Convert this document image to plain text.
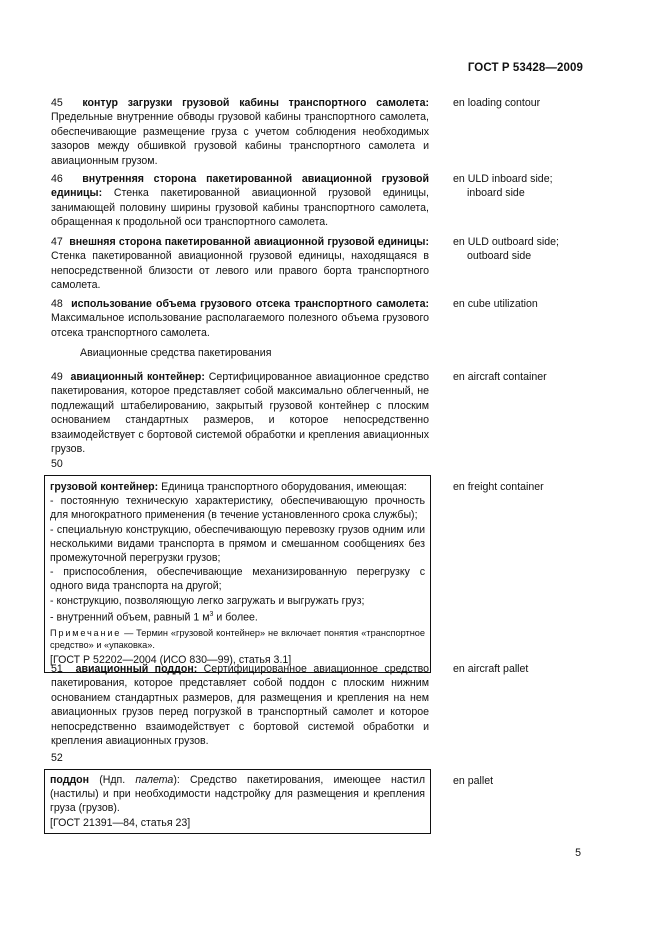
ГОСТ Р 53428—2009
45 контур загрузки грузовой кабины транспортного самолета: Предельные внутренние обводы грузовой кабины транспортного самолета, обеспечивающие размещение груза с учетом соблюдения необходимых зазоров между обшивкой грузовой кабины транспортного самолета и авиационным грузом.
en loading contour
46 внутренняя сторона пакетированной авиационной грузовой единицы: Стенка пакетированной авиационной грузовой единицы, занимающей половину ширины грузовой кабины транспортного самолета, обращенная к продольной оси транспортного самолета.
en ULD inboard side;
inboard side
47 внешняя сторона пакетированной авиационной грузовой единицы: Стенка пакетированной авиационной грузовой единицы, находящаяся в непосредственной близости от левого или правого борта транспортного самолета.
en ULD outboard side;
outboard side
48 использование объема грузового отсека транспортного самолета: Максимальное использование располагаемого полезного объема грузового отсека транспортного самолета.
en cube utilization
Авиационные средства пакетирования
49 авиационный контейнер: Сертифицированное авиационное средство пакетирования, которое представляет собой максимально облегченный, не подлежащий штабелированию, закрытый грузовой контейнер с плоским основанием стандартных размеров, и которое непосредственно взаимодействует с бортовой системой обработки и крепления авиационных грузов.
en aircraft container
50

грузовой контейнер: Единица транспортного оборудования, имеющая:

- постоянную техническую характеристику, обеспечивающую прочность для многократного применения (в течение установленного срока службы);

- специальную конструкцию, обеспечивающую перевозку грузов одним или несколькими видами транспорта в прямом и смешанном сообщениях без промежуточной перегрузки грузов;

- приспособления, обеспечивающие механизированную перегрузку с одного вида транспорта на другой;

- конструкцию, позволяющую легко загружать и выгружать груз;

- внутренний объем, равный 1 $м^3$ и более.

Примечание — Термин «грузовой контейнер» не включает понятия «транспортное средство» и «упаковка».

[ГОСТ Р 52202—2004 (ИСО 830—99), статья 3.1]

en freight container
51 авиационный поддон: Сертифицированное авиационное средство пакетирования, которое представляет собой поддон с плоским нижним основанием стандартных размеров, для размещения и крепления на нем авиационных грузов перед погрузкой в транспортный самолет и которое непосредственно взаимодействует с бортовой системой обработки и крепления авиационных грузов.
en aircraft pallet
52

поддон (Ндп. палета): Средство пакетирования, имеющее настил (настилы) и при необходимости надстройку для размещения и крепления груза (грузов).

[ГОСТ 21391—84, статья 23]

en pallet
5
